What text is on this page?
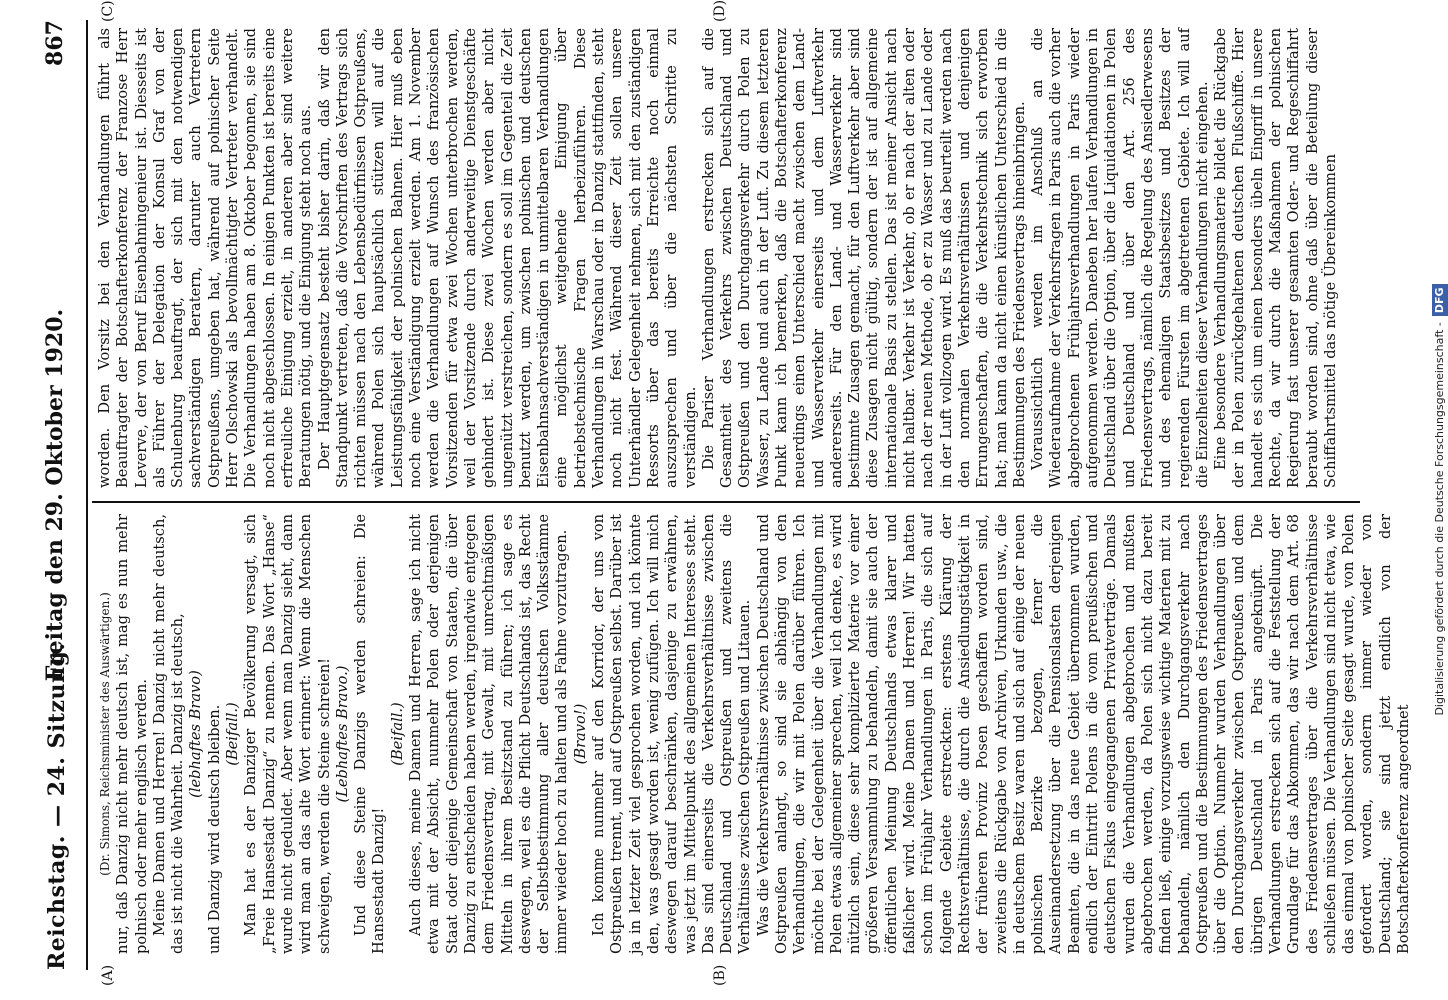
Reichstag. — 24. Sitzung.
Freitag den 29. Oktober 1920.
867
(A)	(B)
(C)	(D)

(Dr. Simons, Reichsminister des Auswärtigen.) nur, daß Danzig nicht mehr deutsch ist, mag es nun mehr polnisch oder mehr englisch werden. Meine Damen und Herren! Danzig nicht mehr deutsch, das ist nicht die Wahrheit. Danzig ist deutsch, (lebhaftes Bravo) und Danzig wird deutsch bleiben. (Beifall.) Man hat es der Danziger Bevölkerung versagt, sich „Freie Hansestadt Danzig“ zu nennen. Das Wort „Hanse“ wurde nicht geduldet. Aber wenn man Danzig sieht, dann wird man an das alte Wort erinnert: Wenn die Menschen schweigen, werden die Steine schreien! (Lebhaftes Bravo.) Und diese Steine Danzigs werden schreien: Die Hansestadt Danzig!

(Beifall.) Auch dieses, meine Damen und Herren, sage ich nicht etwa mit der Absicht, nunmehr Polen oder derjenigen Staat oder diejenige Gemeinschaft von Staaten, die über Danzig zu entscheiden haben werden, irgendwie entgegen dem Friedensvertrag, mit Gewalt, mit unrechtmäßigen Mitteln in ihrem Besitzstand zu führen; ich sage es deswegen, weil es die Pflicht Deutschlands ist, das Recht der Selbstbestimmung aller deutschen Volksstämme immer wieder hoch zu halten und als Fahne vorzutragen. (Bravo!) Ich komme nunmehr auf den Korridor, der uns von Ostpreußen trennt, und auf Ostpreußen selbst. Darüber ist ja in letzter Zeit viel gesprochen worden, und ich könnte den, was gesagt worden ist, wenig zufügen. Ich will mich deswegen darauf beschränken, dasjenige zu erwähnen, was jetzt im Mittelpunkt des allgemeinen Interesses steht. Das sind einerseits die Verkehrsverhältnisse zwischen Deutschland und Ostpreußen und zweitens die Verhältnisse zwischen Ostpreußen und Litauen. Was die Verkehrsverhältnisse zwischen Deutschland und Ostpreußen anlangt, so sind sie abhängig von den Verhandlungen, die wir mit Polen darüber führen. Ich möchte bei der Gelegenheit über die Verhandlungen mit Polen etwas allgemeiner sprechen, weil ich denke, es wird nützlich sein, diese sehr komplizierte Materie vor einer größeren Versammlung zu behandeln, damit sie auch der öffentlichen Meinung Deutschlands etwas klarer und faßlicher wird. Meine Damen und Herren! Wir hatten schon im Frühjahr Verhandlungen in Paris, die sich auf folgende Gebiete erstreckten: erstens Klärung der Rechtsverhältnisse, die durch die Ansiedlungstätigkeit in der früheren Provinz Posen geschaffen worden sind, zweitens die Rückgabe von Archiven, Urkunden usw., die in deutschem Besitz waren und sich auf einige der neuen polnischen Bezirke bezogen, ferner die Auseinandersetzung über die Pensionslasten derjenigen Beamten, die in das neue Gebiet übernommen wurden, endlich der Eintritt Polens in die vom preußischen und deutschen Fiskus eingegangenen Privatverträge. Damals wurden die Verhandlungen abgebrochen und mußten abgebrochen werden, da Polen sich nicht dazu bereit finden ließ, einige vorzugsweise wichtige Materien mit zu behandeln, nämlich den Durchgangsverkehr nach Ostpreußen und die Bestimmungen des Friedensvertrages über die Option. Nunmehr wurden Verhandlungen über den Durchgangsverkehr zwischen Ostpreußen und dem übrigen Deutschland in Paris angeknüpft. Die Verhandlungen erstrecken sich auf die Feststellung der Grundlage für das Abkommen, das wir nach dem Art. 68 des Friedensvertrages über die Verkehrsverhältnisse schließen müssen. Die Verhandlungen sind nicht etwa, wie das einmal von polnischer Seite gesagt wurde, von Polen gefordert worden, sondern immer wieder von Deutschland; sie sind jetzt endlich von der Botschafterkonferenz angeordnet

worden. Den Vorsitz bei den Verhandlungen führt als Beauftragter der Botschafterkonferenz der Franzose Herr Leverve, der von Beruf Eisenbahningenieur ist. Diesseits ist als Führer der Delegation der Konsul Graf von der Schulenburg beauftragt, der sich mit den notwendigen sachverständigen Beratern, darunter auch Vertretern Ostpreußens, umgeben hat, während auf polnischer Seite Herr Olschowski als bevollmächtigter Vertreter verhandelt. Die Verhandlungen haben am 8. Oktober begonnen, sie sind noch nicht abgeschlossen. In einigen Punkten ist bereits eine erfreuliche Einigung erzielt, in anderen aber sind weitere Beratungen nötig, und die Einigung steht noch aus. Der Hauptgegensatz besteht bisher darin, daß wir den Standpunkt vertreten, daß die Vorschriften des Vertrags sich richten müssen nach den Lebensbedürfnissen Ostpreußens, während Polen sich hauptsächlich stützen will auf die Leistungsfähigkeit der polnischen Bahnen. Hier muß eben noch eine Verständigung erzielt werden. Am 1. November werden die Verhandlungen auf Wunsch des französischen Vorsitzenden für etwa zwei Wochen unterbrochen werden, weil der Vorsitzende durch anderweitige Dienstgeschäfte gehindert ist. Diese zwei Wochen werden aber nicht ungenützt verstreichen, sondern es soll im Gegenteil die Zeit benutzt werden, um zwischen polnischen und deutschen Eisenbahnsachverständigen in unmittelbaren Verhandlungen eine möglichst weitgehende Einigung über betriebstechnische Fragen herbeizuführen. Diese Verhandlungen in Warschau oder in Danzig stattfinden, steht noch nicht fest. Während dieser Zeit sollen unsere Unterhändler Gelegenheit nehmen, sich mit den zuständigen Ressorts über das bereits Erreichte noch einmal auszusprechen und über die nächsten Schritte zu verständigen. Die Pariser Verhandlungen erstrecken sich auf die Gesamtheit des Verkehrs zwischen Deutschland und Ostpreußen und den Durchgangsverkehr durch Polen zu Wasser, zu Lande und auch in der Luft. Zu diesem letzteren Punkt kann ich bemerken, daß die Botschafterkonferenz neuerdings einen Unterschied macht zwischen dem Land- und Wasserverkehr einerseits und dem Luftverkehr andererseits. Für den Land- und Wasserverkehr sind bestimmte Zusagen gemacht, für den Luftverkehr aber sind diese Zusagen nicht gültig, sondern der ist auf allgemeine internationale Basis zu stellen. Das ist meiner Ansicht nach nicht haltbar. Verkehr ist Verkehr, ob er nach der alten oder nach der neuen Methode, ob er zu Wasser und zu Lande oder in der Luft vollzogen wird. Es muß das beurteilt werden nach den normalen Verkehrsverhältnissen und denjenigen Errungenschaften, die die Verkehrstechnik sich erworben hat; man kann da nicht einen künstlichen Unterschied in die Bestimmungen des Friedensvertrags hineinbringen. Voraussichtlich werden im Anschluß an die Wiederaufnahme der Verkehrsfragen in Paris auch die vorher abgebrochenen Frühjahrsverhandlungen in Paris wieder aufgenommen werden. Daneben her laufen Verhandlungen in Deutschland über die Option, über die Liquidationen in Polen und Deutschland und über den Art. 256 des Friedensvertrags, nämlich die Regelung des Ansiedlerwesens und des ehemaligen Staatsbesitzes und Besitzes der regierenden Fürsten im abgetretenen Gebiete. Ich will auf die Einzelheiten dieser Verhandlungen nicht eingehen. Eine besondere Verhandlungsmaterie bildet die Rückgabe der in Polen zurückgehaltenen deutschen Flußschiffe. Hier handelt es sich um einen besonders übeln Eingriff in unsere Rechte, da wir durch die Maßnahmen der polnischen Regierung fast unserer gesamten Oder- und Regeschiffahrt beraubt worden sind, ohne daß über die Beteilung dieser Schiffahrtsmittel das nötige Übereinkommen

Digitalisierung gefördert durch die Deutsche Forschungsgemeinschaft -DFG
